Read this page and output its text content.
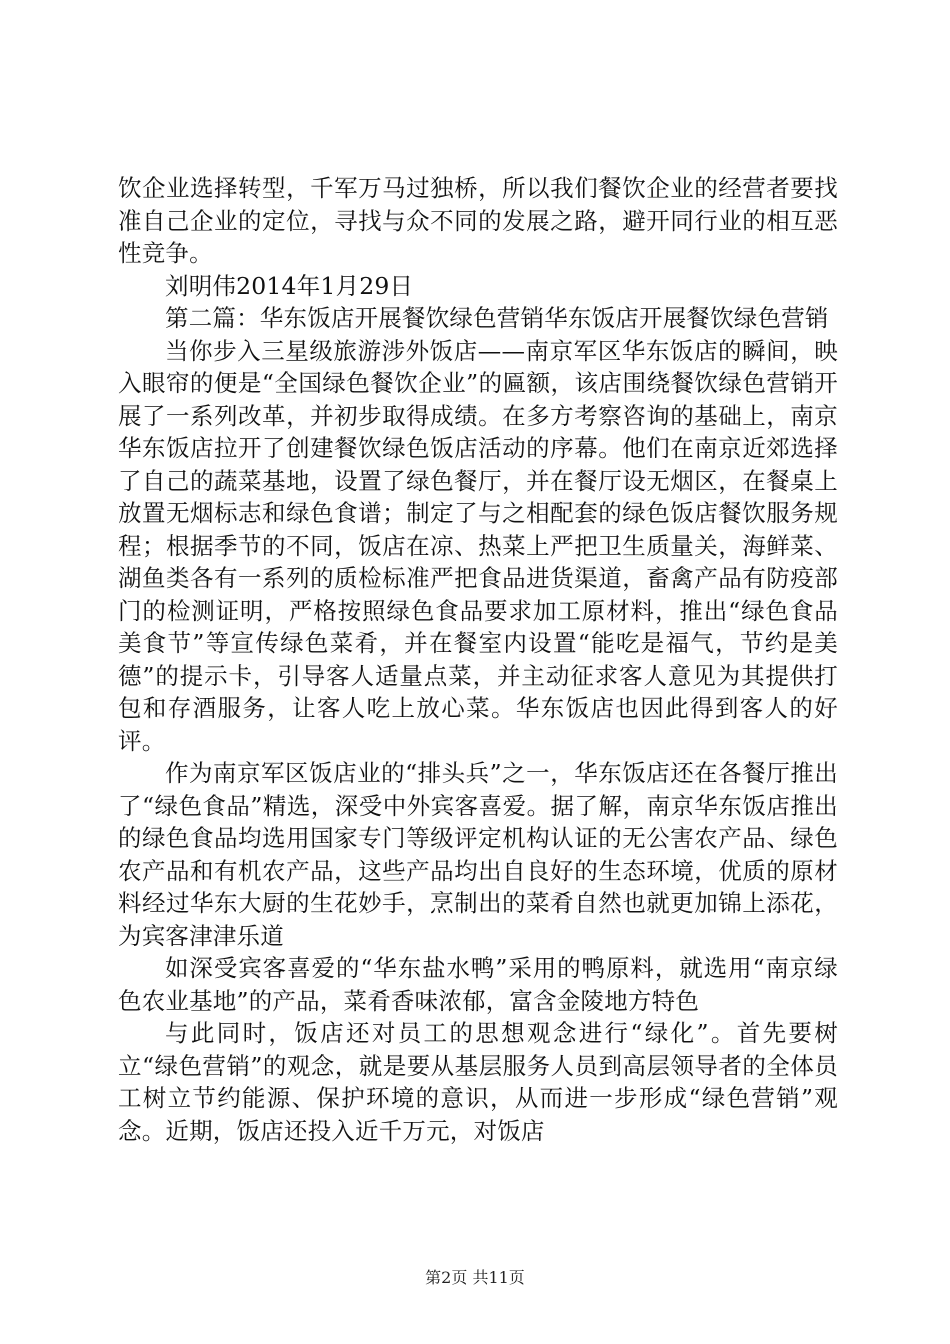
饮企业选择转型，千军万马过独桥，所以我们餐饮企业的经营者要找准自己企业的定位，寻找与众不同的发展之路，避开同行业的相互恶性竞争。

刘明伟2014年1月29日

第二篇：华东饭店开展餐饮绿色营销华东饭店开展餐饮绿色营销

当你步入三星级旅游涉外饭店——南京军区华东饭店的瞬间，映入眼帘的便是“全国绿色餐饮企业”的匾额，该店围绕餐饮绿色营销开展了一系列改革，并初步取得成绩。在多方考察咨询的基础上，南京华东饭店拉开了创建餐饮绿色饭店活动的序幕。他们在南京近郊选择了自己的蔬菜基地，设置了绿色餐厅，并在餐厅设无烟区，在餐桌上放置无烟标志和绿色食谱；制定了与之相配套的绿色饭店餐饮服务规程；根据季节的不同，饭店在凉、热菜上严把卫生质量关，海鲜菜、湖鱼类各有一系列的质检标准严把食品进货渠道，畜禽产品有防疫部门的检测证明，严格按照绿色食品要求加工原材料，推出“绿色食品美食节”等宣传绿色菜肴，并在餐室内设置“能吃是福气，节约是美德”的提示卡，引导客人适量点菜，并主动征求客人意见为其提供打包和存酒服务，让客人吃上放心菜。华东饭店也因此得到客人的好评。

作为南京军区饭店业的“排头兵”之一，华东饭店还在各餐厅推出了“绿色食品”精选，深受中外宾客喜爱。据了解，南京华东饭店推出的绿色食品均选用国家专门等级评定机构认证的无公害农产品、绿色农产品和有机农产品，这些产品均出自良好的生态环境，优质的原材料经过华东大厨的生花妙手，烹制出的菜肴自然也就更加锦上添花，为宾客津津乐道

如深受宾客喜爱的“华东盐水鸭”采用的鸭原料，就选用“南京绿色农业基地”的产品，菜肴香味浓郁，富含金陵地方特色

与此同时，饭店还对员工的思想观念进行“绿化”。首先要树立“绿色营销”的观念，就是要从基层服务人员到高层领导者的全体员工树立节约能源、保护环境的意识，从而进一步形成“绿色营销”观念。近期，饭店还投入近千万元，对饭店

第2页 共11页
